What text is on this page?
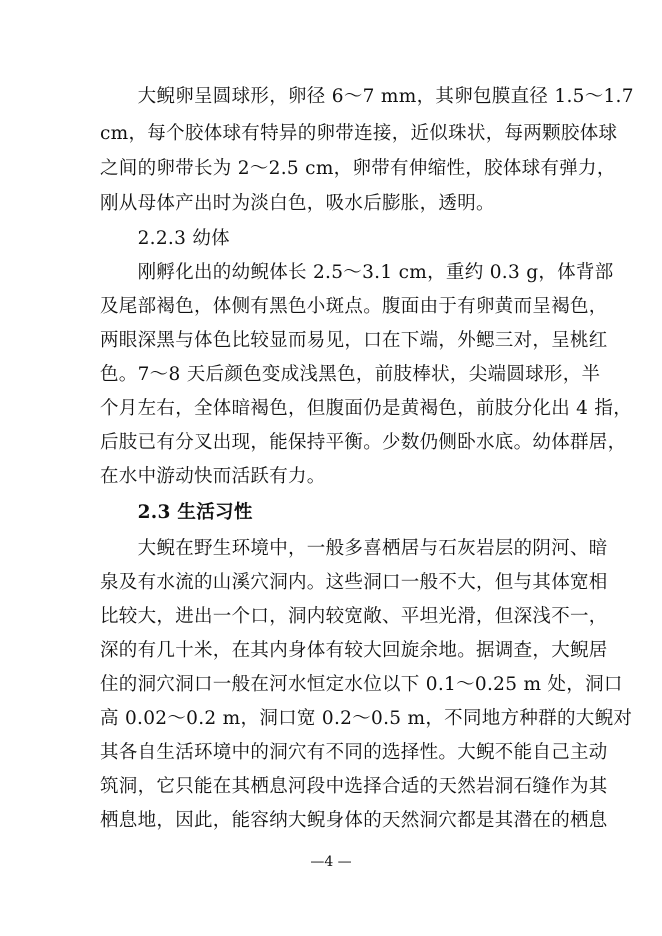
　　大鲵卵呈圆球形，卵径 6～7 mm，其卵包膜直径 1.5～1.7
cm，每个胶体球有特异的卵带连接，近似珠状，每两颗胶体球
之间的卵带长为 2～2.5 cm，卵带有伸缩性，胶体球有弹力，
刚从母体产出时为淡白色，吸水后膨胀，透明。
　　2.2.3 幼体
　　刚孵化出的幼鲵体长 2.5～3.1 cm，重约 0.3 g，体背部
及尾部褐色，体侧有黑色小斑点。腹面由于有卵黄而呈褐色，
两眼深黑与体色比较显而易见，口在下端，外鳃三对，呈桃红
色。7～8 天后颜色变成浅黑色，前肢棒状，尖端圆球形，半
个月左右，全体暗褐色，但腹面仍是黄褐色，前肢分化出 4 指，
后肢已有分叉出现，能保持平衡。少数仍侧卧水底。幼体群居，
在水中游动快而活跃有力。
　　2.3 生活习性
　　大鲵在野生环境中，一般多喜栖居与石灰岩层的阴河、暗
泉及有水流的山溪穴洞内。这些洞口一般不大，但与其体宽相
比较大，进出一个口，洞内较宽敞、平坦光滑，但深浅不一，
深的有几十米，在其内身体有较大回旋余地。据调查，大鲵居
住的洞穴洞口一般在河水恒定水位以下 0.1～0.25 m 处，洞口
高 0.02～0.2 m，洞口宽 0.2～0.5 m，不同地方种群的大鲵对
其各自生活环境中的洞穴有不同的选择性。大鲵不能自己主动
筑洞，它只能在其栖息河段中选择合适的天然岩洞石缝作为其
栖息地，因此，能容纳大鲵身体的天然洞穴都是其潜在的栖息
—4 —
